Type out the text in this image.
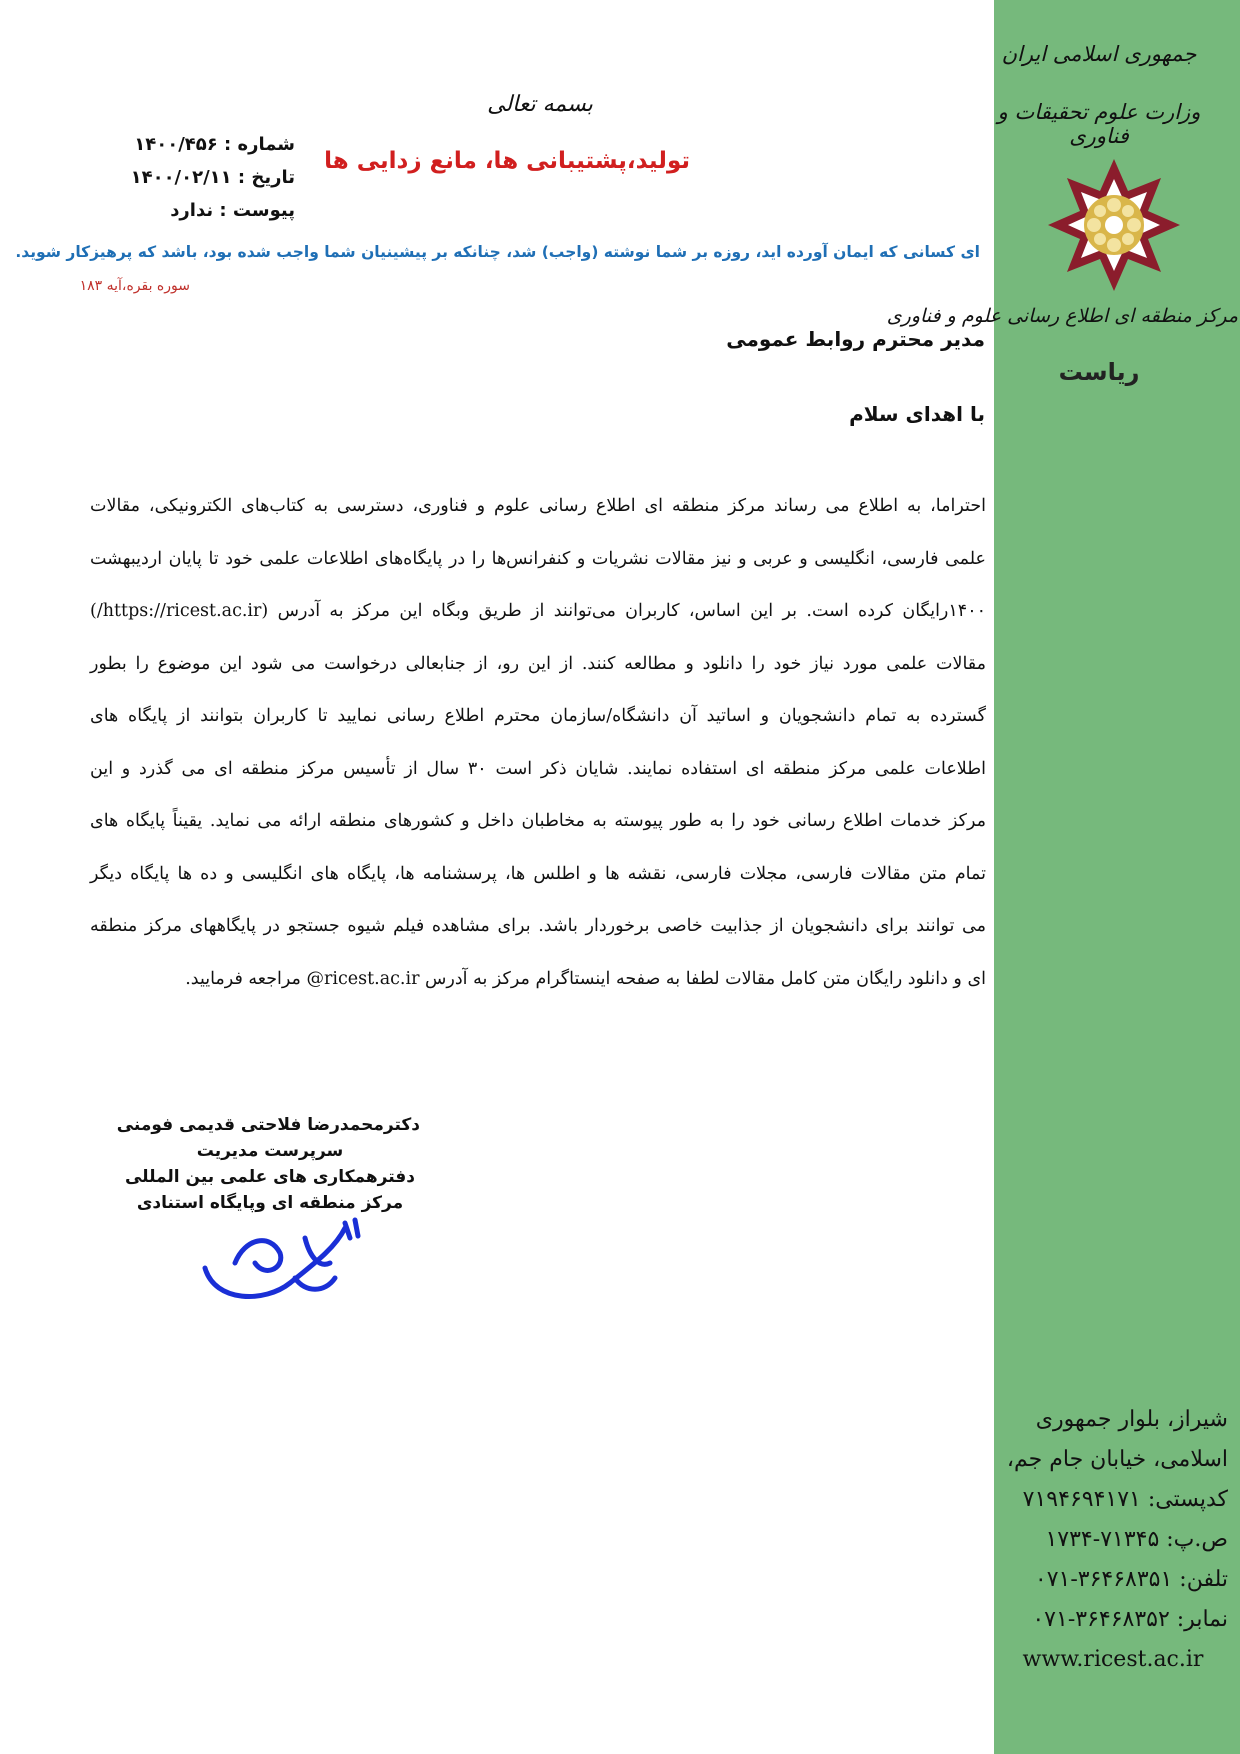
جمهوری اسلامی ایران
وزارت علوم تحقیقات و فناوری
مرکز منطقه ای اطلاع رسانی علوم و فناوری
ریاست
شیراز، بلوار جمهوری
اسلامی، خیابان جام جم،
کدپستی: ۷۱۹۴۶۹۴۱۷۱
ص.پ: ۷۱۳۴۵-۱۷۳۴
تلفن: ۳۶۴۶۸۳۵۱-۰۷۱
نمابر: ۳۶۴۶۸۳۵۲-۰۷۱
www.ricest.ac.ir
بسمه تعالی
شماره : ۱۴۰۰/۴۵۶
تاریخ : ۱۴۰۰/۰۲/۱۱
پیوست : ندارد
تولید،پشتیبانی ها، مانع زدایی ها
ای کسانی که ایمان آورده اید، روزه بر شما نوشته (واجب) شد، چنانکه بر پیشینیان شما واجب شده بود، باشد که پرهیزکار شوید.
سوره بقره،آیه ۱۸۳
مدیر محترم روابط عمومی
با اهدای سلام
احتراما، به اطلاع می رساند مرکز منطقه ای اطلاع رسانی علوم و فناوری، دسترسی به کتاب‌های الکترونیکی، مقالات
علمی فارسی، انگلیسی و عربی و نیز مقالات نشریات و کنفرانس‌ها را در پایگاه‌های اطلاعات علمی خود تا پایان اردیبهشت
۱۴۰۰رایگان کرده است. بر این اساس، کاربران می‌توانند از طریق وبگاه این مرکز به آدرس (https://ricest.ac.ir/)
مقالات علمی مورد نیاز خود را دانلود و مطالعه کنند. از این رو، از جنابعالی درخواست می شود این موضوع را بطور
گسترده به تمام دانشجویان و اساتید آن دانشگاه/سازمان محترم اطلاع رسانی نمایید تا کاربران بتوانند از پایگاه های
اطلاعات علمی مرکز منطقه ای استفاده نمایند. شایان ذکر است ۳۰ سال از تأسیس مرکز منطقه ای می گذرد و این
مرکز خدمات اطلاع رسانی خود را به طور پیوسته به مخاطبان داخل و کشورهای منطقه ارائه می نماید. یقیناً پایگاه های
تمام متن مقالات فارسی، مجلات فارسی، نقشه ها و اطلس ها، پرسشنامه ها، پایگاه های انگلیسی و ده ها پایگاه دیگر
می توانند برای دانشجویان از جذابیت خاصی برخوردار باشد. برای مشاهده فیلم شیوه جستجو در پایگاههای مرکز منطقه
ای و دانلود رایگان متن کامل مقالات لطفا به صفحه اینستاگرام مرکز به آدرس ricest.ac.ir@ مراجعه فرمایید.
دکترمحمدرضا فلاحتی قدیمی فومنی
سرپرست مدیریت
دفترهمکاری های علمی بین المللی
مرکز منطقه ای وپایگاه استنادی
